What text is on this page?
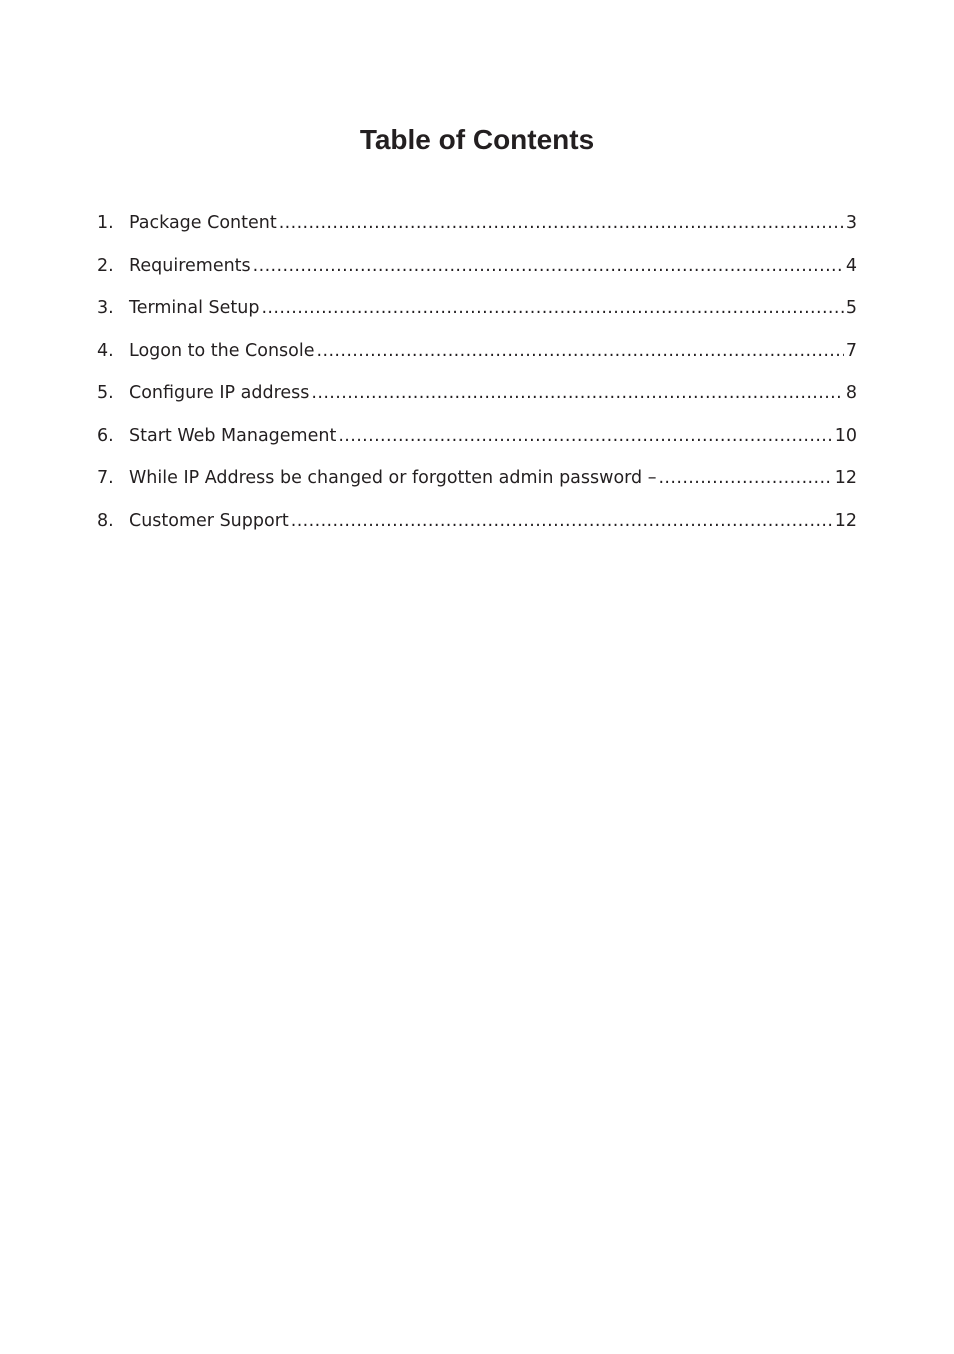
Table of Contents
1. Package Content .....	3
2. Requirements .....	4
3. Terminal Setup .....	5
4. Logon to the Console .....	7
5. Configure IP address .....	8
6. Start Web Management .....	10
7. While IP Address be changed or forgotten admin password – .....	12
8. Customer Support .....	12
